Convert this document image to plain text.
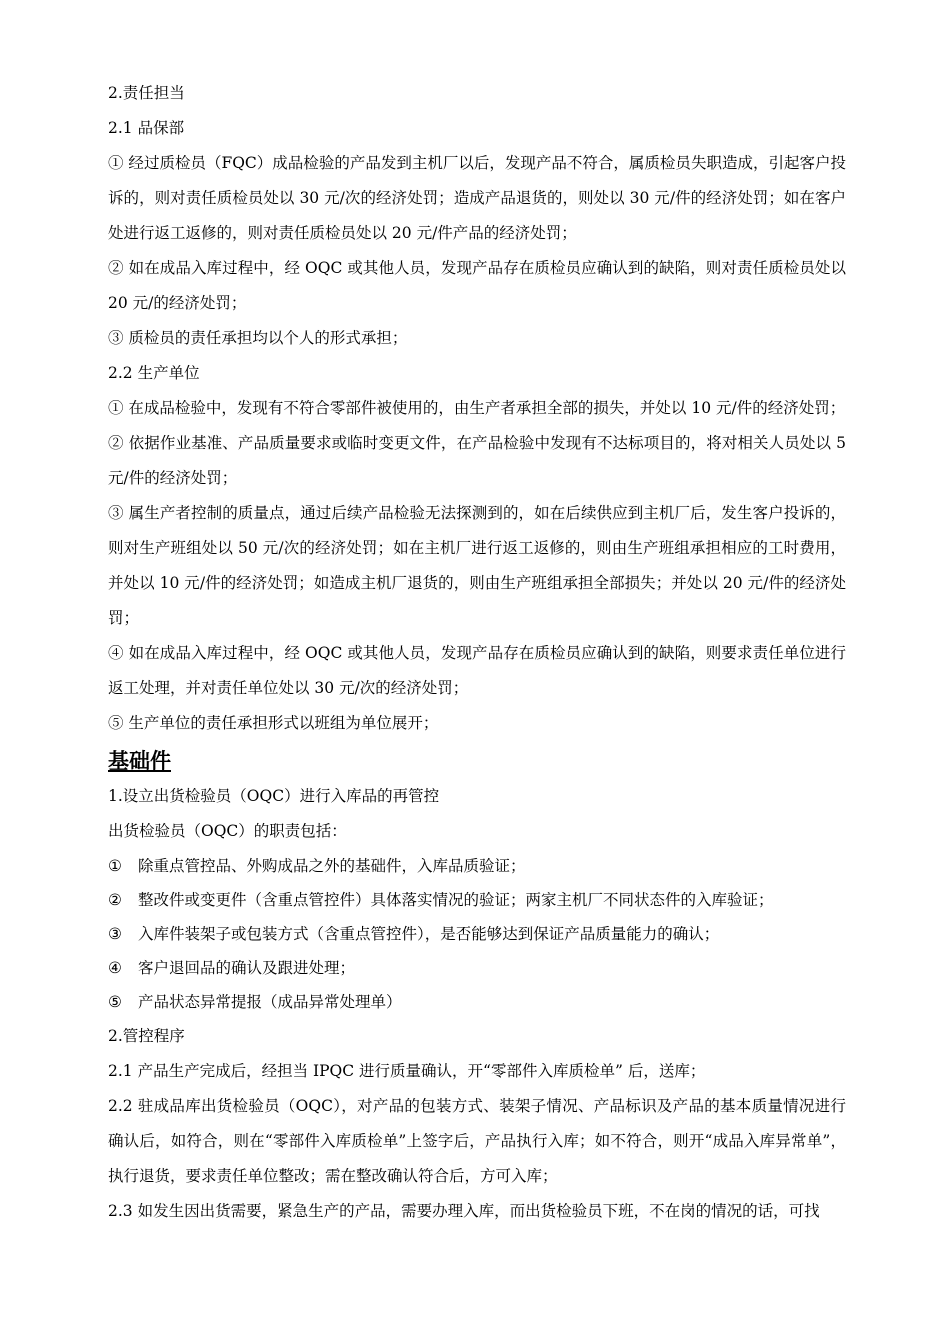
2.责任担当

2.1 品保部

① 经过质检员（FQC）成品检验的产品发到主机厂以后，发现产品不符合，属质检员失职造成，引起客户投诉的，则对责任质检员处以 30 元/次的经济处罚；造成产品退货的，则处以 30 元/件的经济处罚；如在客户处进行返工返修的，则对责任质检员处以 20 元/件产品的经济处罚；

② 如在成品入库过程中，经 OQC 或其他人员，发现产品存在质检员应确认到的缺陷，则对责任质检员处以 20 元/的经济处罚；

③ 质检员的责任承担均以个人的形式承担；

2.2 生产单位

① 在成品检验中，发现有不符合零部件被使用的，由生产者承担全部的损失，并处以 10 元/件的经济处罚；

② 依据作业基准、产品质量要求或临时变更文件，在产品检验中发现有不达标项目的，将对相关人员处以 5 元/件的经济处罚；

③ 属生产者控制的质量点，通过后续产品检验无法探测到的，如在后续供应到主机厂后，发生客户投诉的，则对生产班组处以 50 元/次的经济处罚；如在主机厂进行返工返修的，则由生产班组承担相应的工时费用，并处以 10 元/件的经济处罚；如造成主机厂退货的，则由生产班组承担全部损失；并处以 20 元/件的经济处罚；

④ 如在成品入库过程中，经 OQC 或其他人员，发现产品存在质检员应确认到的缺陷，则要求责任单位进行返工处理，并对责任单位处以 30 元/次的经济处罚；

⑤ 生产单位的责任承担形式以班组为单位展开；

基础件

1.设立出货检验员（OQC）进行入库品的再管控

出货检验员（OQC）的职责包括：

①	除重点管控品、外购成品之外的基础件，入库品质验证；
②	整改件或变更件（含重点管控件）具体落实情况的验证；两家主机厂不同状态件的入库验证；
③	入库件装架子或包装方式（含重点管控件），是否能够达到保证产品质量能力的确认；
④	客户退回品的确认及跟进处理；
⑤	产品状态异常提报（成品异常处理单）

2.管控程序

2.1 产品生产完成后，经担当 IPQC 进行质量确认，开“零部件入库质检单” 后，送库；

2.2 驻成品库出货检验员（OQC），对产品的包装方式、装架子情况、产品标识及产品的基本质量情况进行确认后，如符合，则在“零部件入库质检单”上签字后，产品执行入库；如不符合，则开“成品入库异常单”，执行退货，要求责任单位整改；需在整改确认符合后，方可入库；

2.3 如发生因出货需要，紧急生产的产品，需要办理入库，而出货检验员下班，不在岗的情况的话，可找
